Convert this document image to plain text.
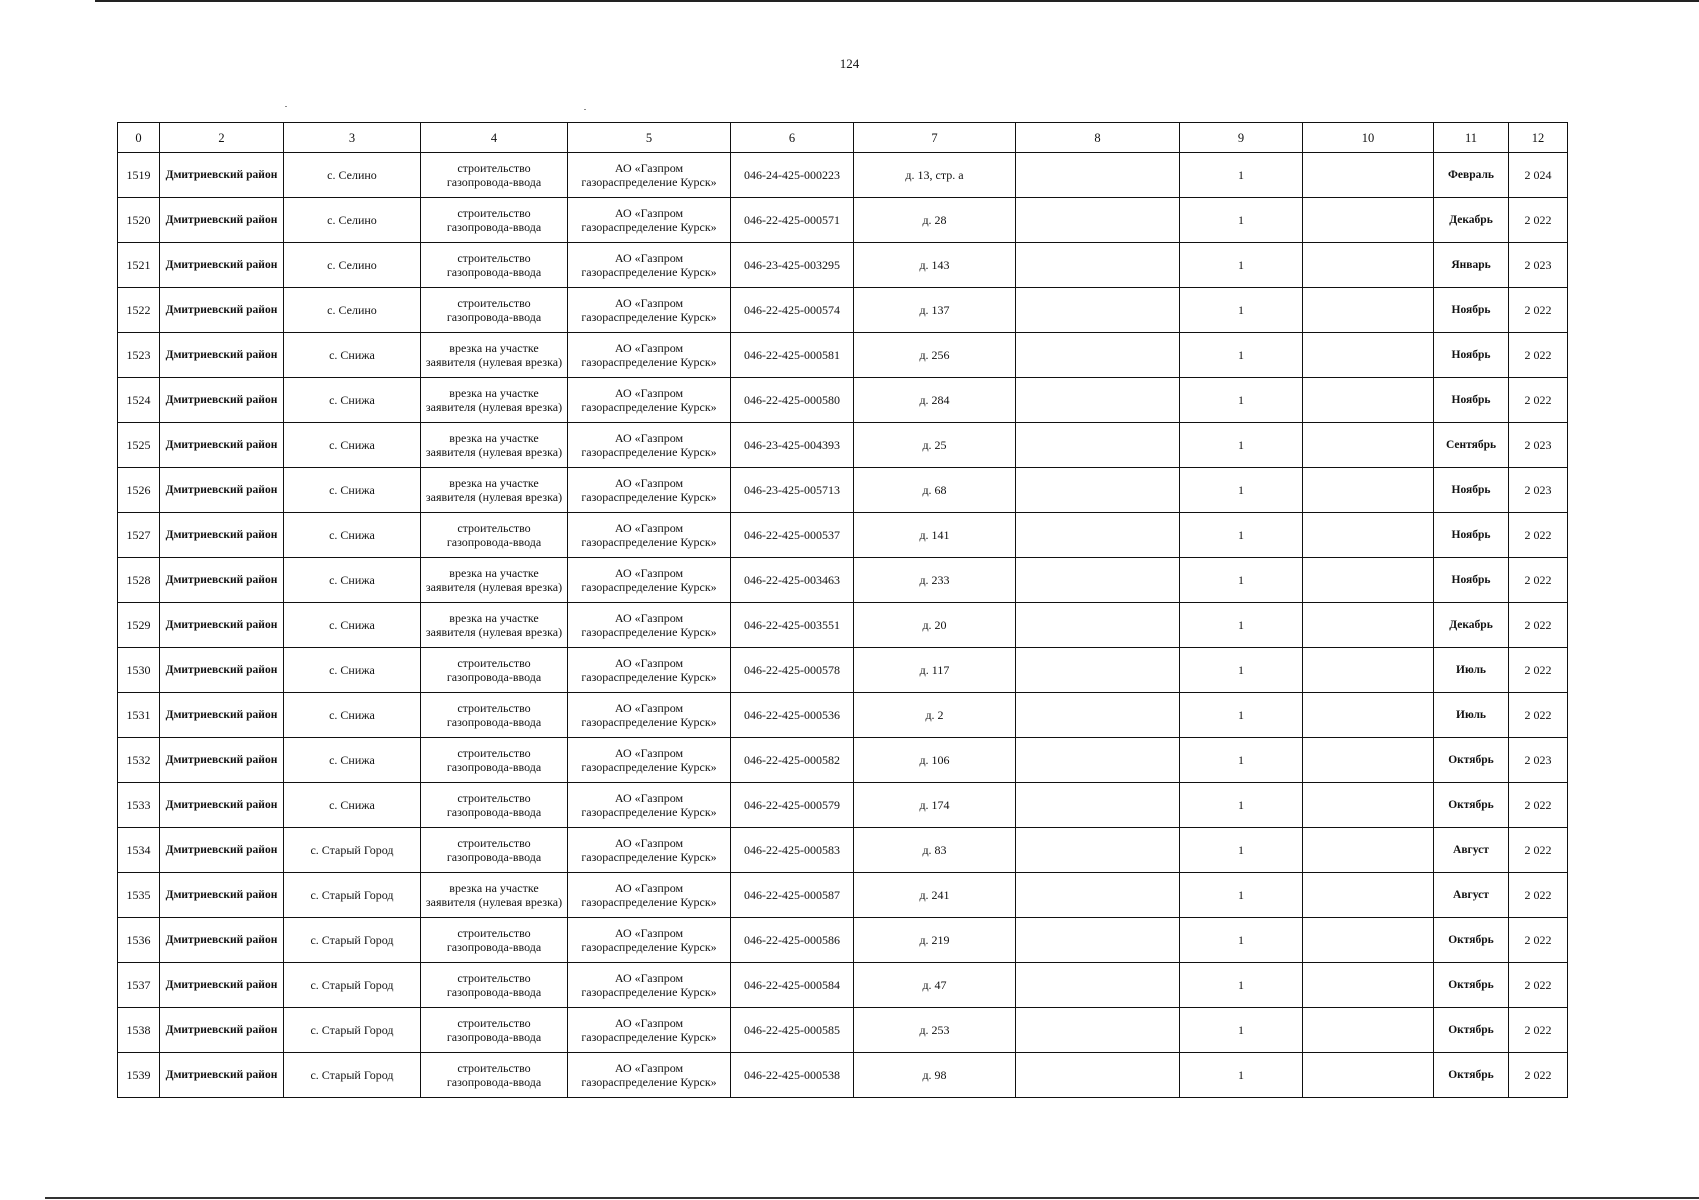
124
0	2	3	4	5	6	7	8	9	10	11	12
1519	Дмитриевский район	с. Селино	строительство газопровода-ввода	АО «Газпром газораспределение Курск»	046-24-425-000223	д. 13, стр. а		1		Февраль	2 024
1520	Дмитриевский район	с. Селино	строительство газопровода-ввода	АО «Газпром газораспределение Курск»	046-22-425-000571	д. 28		1		Декабрь	2 022
1521	Дмитриевский район	с. Селино	строительство газопровода-ввода	АО «Газпром газораспределение Курск»	046-23-425-003295	д. 143		1		Январь	2 023
1522	Дмитриевский район	с. Селино	строительство газопровода-ввода	АО «Газпром газораспределение Курск»	046-22-425-000574	д. 137		1		Ноябрь	2 022
1523	Дмитриевский район	с. Снижа	врезка на участке заявителя (нулевая врезка)	АО «Газпром газораспределение Курск»	046-22-425-000581	д. 256		1		Ноябрь	2 022
1524	Дмитриевский район	с. Снижа	врезка на участке заявителя (нулевая врезка)	АО «Газпром газораспределение Курск»	046-22-425-000580	д. 284		1		Ноябрь	2 022
1525	Дмитриевский район	с. Снижа	врезка на участке заявителя (нулевая врезка)	АО «Газпром газораспределение Курск»	046-23-425-004393	д. 25		1		Сентябрь	2 023
1526	Дмитриевский район	с. Снижа	врезка на участке заявителя (нулевая врезка)	АО «Газпром газораспределение Курск»	046-23-425-005713	д. 68		1		Ноябрь	2 023
1527	Дмитриевский район	с. Снижа	строительство газопровода-ввода	АО «Газпром газораспределение Курск»	046-22-425-000537	д. 141		1		Ноябрь	2 022
1528	Дмитриевский район	с. Снижа	врезка на участке заявителя (нулевая врезка)	АО «Газпром газораспределение Курск»	046-22-425-003463	д. 233		1		Ноябрь	2 022
1529	Дмитриевский район	с. Снижа	врезка на участке заявителя (нулевая врезка)	АО «Газпром газораспределение Курск»	046-22-425-003551	д. 20		1		Декабрь	2 022
1530	Дмитриевский район	с. Снижа	строительство газопровода-ввода	АО «Газпром газораспределение Курск»	046-22-425-000578	д. 117		1		Июль	2 022
1531	Дмитриевский район	с. Снижа	строительство газопровода-ввода	АО «Газпром газораспределение Курск»	046-22-425-000536	д. 2		1		Июль	2 022
1532	Дмитриевский район	с. Снижа	строительство газопровода-ввода	АО «Газпром газораспределение Курск»	046-22-425-000582	д. 106		1		Октябрь	2 023
1533	Дмитриевский район	с. Снижа	строительство газопровода-ввода	АО «Газпром газораспределение Курск»	046-22-425-000579	д. 174		1		Октябрь	2 022
1534	Дмитриевский район	с. Старый Город	строительство газопровода-ввода	АО «Газпром газораспределение Курск»	046-22-425-000583	д. 83		1		Август	2 022
1535	Дмитриевский район	с. Старый Город	врезка на участке заявителя (нулевая врезка)	АО «Газпром газораспределение Курск»	046-22-425-000587	д. 241		1		Август	2 022
1536	Дмитриевский район	с. Старый Город	строительство газопровода-ввода	АО «Газпром газораспределение Курск»	046-22-425-000586	д. 219		1		Октябрь	2 022
1537	Дмитриевский район	с. Старый Город	строительство газопровода-ввода	АО «Газпром газораспределение Курск»	046-22-425-000584	д. 47		1		Октябрь	2 022
1538	Дмитриевский район	с. Старый Город	строительство газопровода-ввода	АО «Газпром газораспределение Курск»	046-22-425-000585	д. 253		1		Октябрь	2 022
1539	Дмитриевский район	с. Старый Город	строительство газопровода-ввода	АО «Газпром газораспределение Курск»	046-22-425-000538	д. 98		1		Октябрь	2 022
